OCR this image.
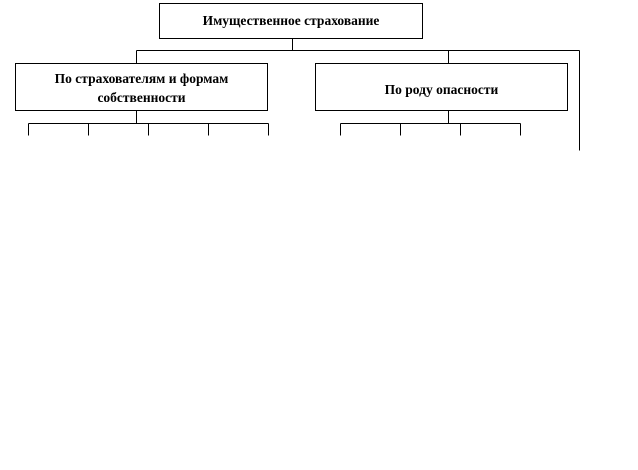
Имущественное страхование
По страхователям и формам
собственности
По роду опасности
